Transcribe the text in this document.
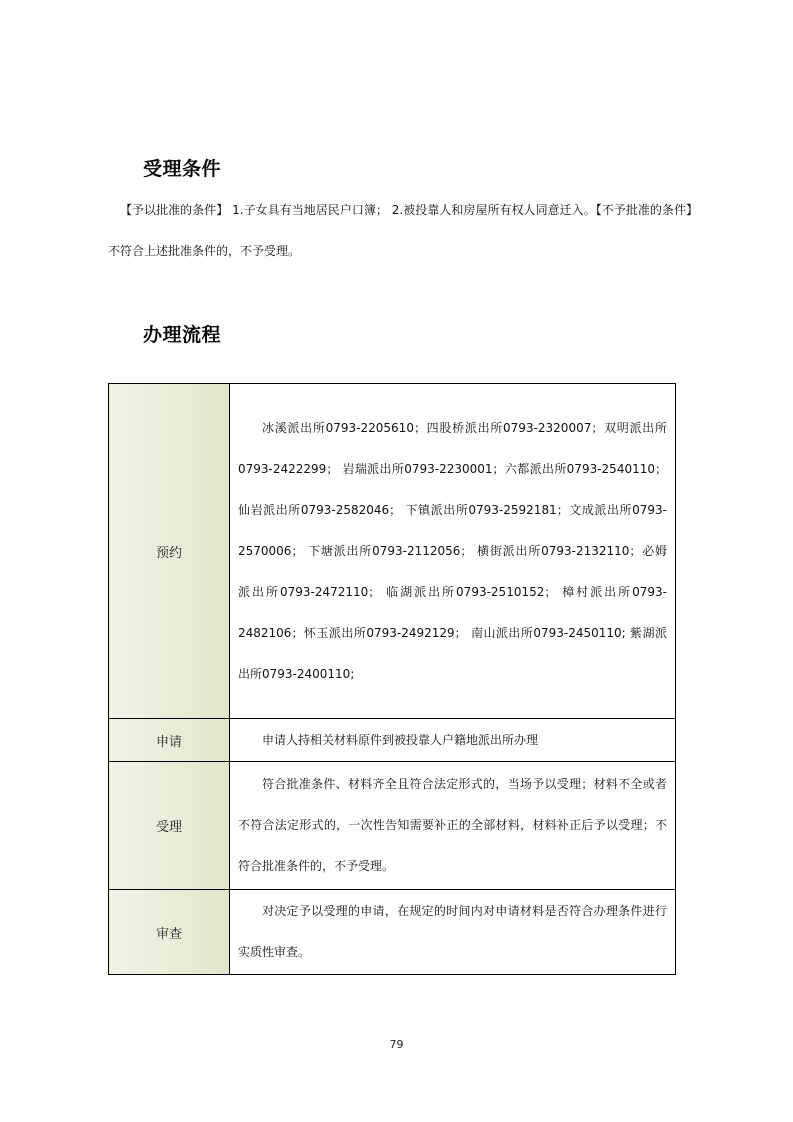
受理条件
【予以批准的条件】 1.子女具有当地居民户口簿； 2.被投靠人和房屋所有权人同意迁入。【不予批准的条件】 不符合上述批准条件的，不予受理。
办理流程
预约	冰溪派出所0793-2205610；四股桥派出所0793-2320007；双明派出所0793-2422299； 岩瑞派出所0793-2230001；六都派出所0793-2540110； 仙岩派出所0793-2582046； 下镇派出所0793-2592181；文成派出所0793-2570006； 下塘派出所0793-2112056； 横街派出所0793-2132110；必姆派出所0793-2472110； 临湖派出所0793-2510152； 樟村派出所0793-2482106；怀玉派出所0793-2492129； 南山派出所0793-2450110; 紫湖派出所0793-2400110;
申请	申请人持相关材料原件到被投靠人户籍地派出所办理
受理	符合批准条件、材料齐全且符合法定形式的，当场予以受理；材料不全或者不符合法定形式的，一次性告知需要补正的全部材料，材料补正后予以受理；不符合批准条件的，不予受理。
审查	对决定予以受理的申请，在规定的时间内对申请材料是否符合办理条件进行实质性审查。
79
